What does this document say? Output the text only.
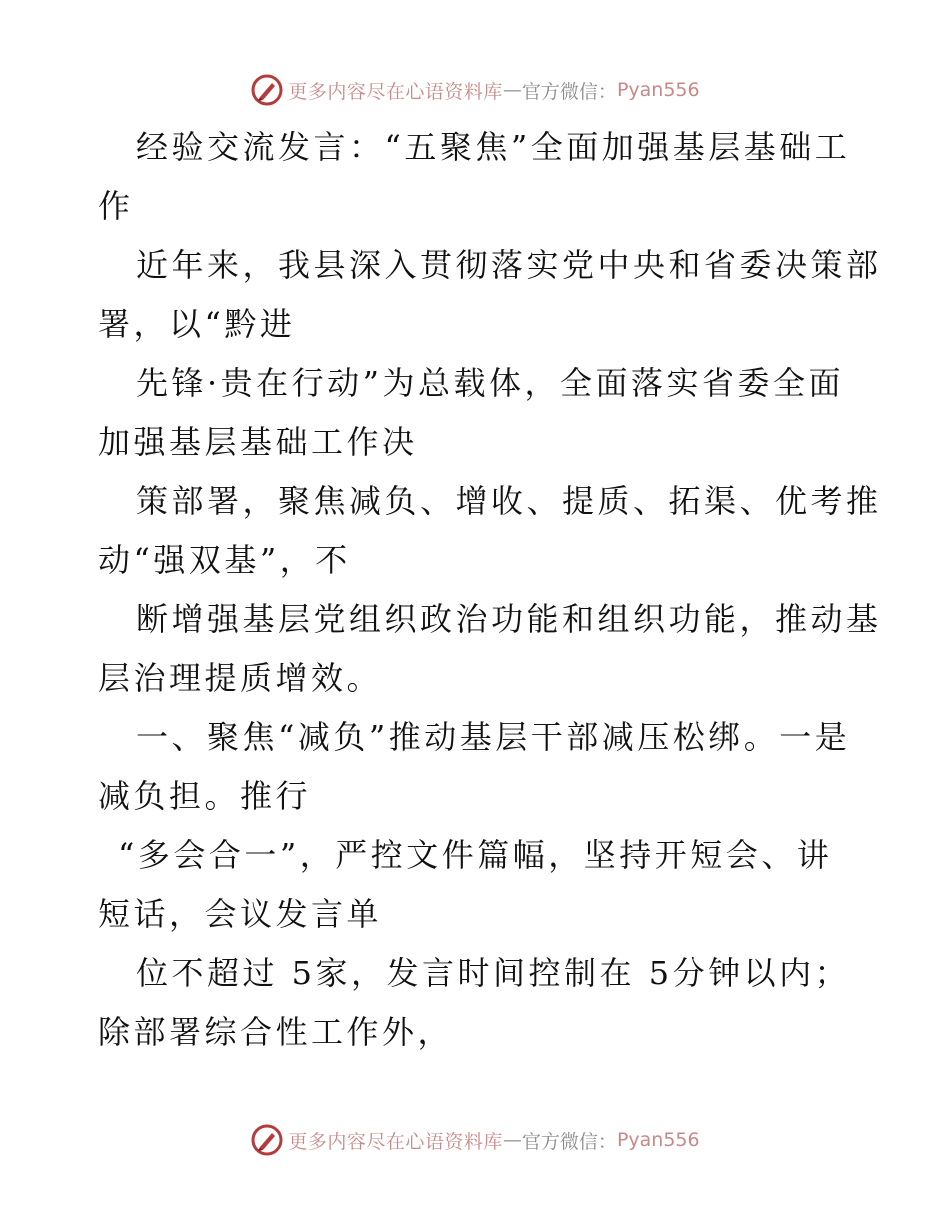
更多内容尽在心语资料库 — 官方微信： Pyan556
经验交流发言：“五聚焦”全面加强基层基础工
作
近年来，我县深入贯彻落实党中央和省委决策部
署，以“黔进
先锋·贵在行动”为总载体，全面落实省委全面
加强基层基础工作决
策部署，聚焦减负、增收、提质、拓渠、优考推
动“强双基”，不
断增强基层党组织政治功能和组织功能，推动基
层治理提质增效。
一、聚焦“减负”推动基层干部减压松绑。一是
减负担。推行
“多会合一”，严控文件篇幅，坚持开短会、讲
短话，会议发言单
位不超过 5家，发言时间控制在 5分钟以内；
除部署综合性工作外，
更多内容尽在心语资料库 — 官方微信： Pyan556
